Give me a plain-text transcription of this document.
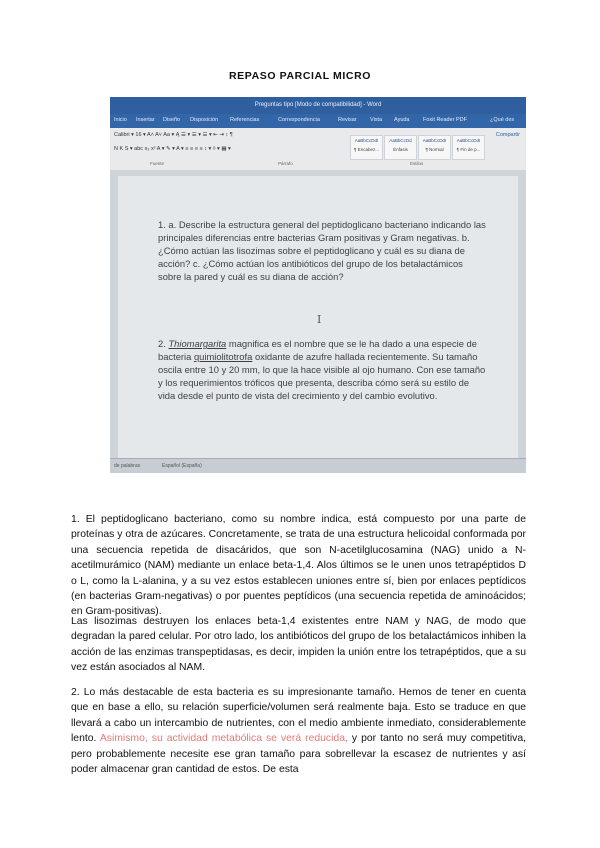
REPASO PARCIAL MICRO
Preguntas tipo [Modo de compatibilidad] - Word
Inicio Insertar Diseño Disposición Referencias	Correspondencia	Revisar Vista Ayuda Foxit Reader PDF	¿Qué des
Calibri ▾ 16 ▾ A˄ A˅ Aa ▾ Ą ☰ ▾ ☰ ▾ ☰ ▾ ⇤ ⇥ ↕ ¶
N K S ▾ abc x₂ x² A ▾ ✎ ▾ A ▾ ≡ ≡ ≡ ≡ ↕ ▾ ◊ ▾ ▦ ▾
AaBbCcDdI
¶ Encabez...
AaBbCcDd
Énfasis
AaBbCcDdI
¶ Normal
AaBbCcDdI
¶ Fin de p...
Fuente	Párrafo	Estilos
Compartir
1. a. Describe la estructura general del peptidoglicano bacteriano indicando las principales diferencias entre bacterias Gram positivas y Gram negativas. b. ¿Cómo actúan las lisozimas sobre el peptidoglicano y cuál es su diana de acción? c. ¿Cómo actúan los antibióticos del grupo de los betalactámicos sobre la pared y cuál es su diana de acción?
I
2. Thiomargarita magnifica es el nombre que se le ha dado a una especie de bacteria quimiolitotrofa oxidante de azufre hallada recientemente. Su tamaño oscila entre 10 y 20 mm, lo que la hace visible al ojo humano. Con ese tamaño y los requerimientos tróficos que presenta, describa cómo será su estilo de vida desde el punto de vista del crecimiento y del cambio evolutivo.
de palabras	Español (España)
1. El peptidoglicano bacteriano, como su nombre indica, está compuesto por una parte de proteínas y otra de azúcares. Concretamente, se trata de una estructura helicoidal conformada por una secuencia repetida de disacáridos, que son N-acetilglucosamina (NAG) unido a N-acetilmurámico (NAM) mediante un enlace beta-1,4. Alos últimos se le unen unos tetrapéptidos D o L, como la L-alanina, y a su vez estos establecen uniones entre sí, bien por enlaces peptídicos (en bacterias Gram-negativas) o por puentes peptídicos (una secuencia repetida de aminoácidos; en Gram-positivas).
Las lisozimas destruyen los enlaces beta-1,4 existentes entre NAM y NAG, de modo que degradan la pared celular. Por otro lado, los antibióticos del grupo de los betalactámicos inhiben la acción de las enzimas transpeptidasas, es decir, impiden la unión entre los tetrapéptidos, que a su vez están asociados al NAM.
2. Lo más destacable de esta bacteria es su impresionante tamaño. Hemos de tener en cuenta que en base a ello, su relación superficie/volumen será realmente baja. Esto se traduce en que llevará a cabo un intercambio de nutrientes, con el medio ambiente inmediato, considerablemente lento. Asimismo, su actividad metabólica se verá reducida, y por tanto no será muy competitiva, pero probablemente necesite ese gran tamaño para sobrellevar la escasez de nutrientes y así poder almacenar gran cantidad de estos. De esta
